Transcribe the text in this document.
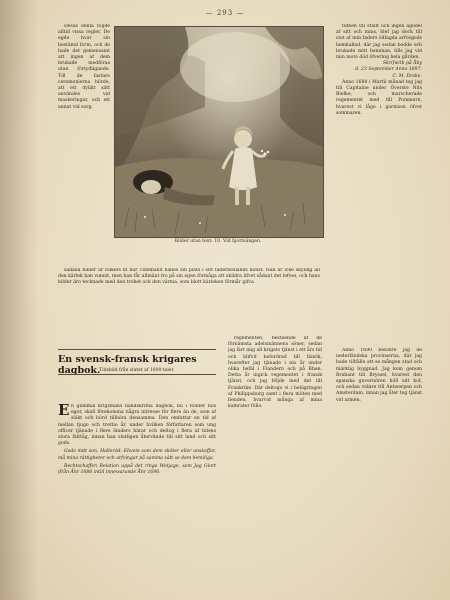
— 293 —

Dessa enkla följde alltid vissa regler. De egde hvar sin bestämd form, och de hade det gemensamt att ingen af dem brukade medföras utan förtydligande. Till de fastare ceremonierna hörde, att ett dylikt sätt användes vid maskeringar, och ett annat vid sorg.

Bilder utan text: 10. Vid hjortsängen.

sådana bilder ur folkets lif hur Tidemand hålles sin plats i sitt fäderneslands konst. Han är icke skyldig all den kärlek han vunnit, men han får allmänt tro på sin egen förmåga att skildra lifvet sådant det lefves, och hans bilder äro tecknade med den trohet och den värma, som blott kärleken förmår gifva.

tidhen uti ställt och ingen ägodel af sitt och mins, blef jag dock till slut af min faders ödlagda arfvegods hemkallad, där jag sedan bodde och brukade mitt hemman, tills jag vid min mors död öfvertog hela gården.

Skrifwith på Åby

d. 23 September Anno 1697.

C. M. Drake.

Anno 1688 i Martii månad tog jag till Capitaine under Överste Nils Bielke, och marscherade regementet med till Pommern, hvarest vi lågo i garnison öfver sommaren.

En svensk-fransk krigares dagbok.
Tidsbild från slutet af 1600-talet.

En gammal krigsmans handskrifna dagbok, nu i fonder hos egor, skall förekomma några intresse för flere än de, som af släkt och börd tillhöra densamma. Den omfattar en tid af mellan tjugo och trettio år, under hvilken författaren som ung officer tjänade i flere länders härar och deltog i flera af tidens stora fälttåg, innan han slutligen återvände till sitt land och sitt gods.

Gods mitt son, Halleröd: Ehvem som dem sköter eller anskaffar, må mina rättigheter och arfvingar på samma sätt se dem hemiliga.

Rechtschaffen Relation uppå det ringa Wetjage, som Jag Giort ifrån Åhr 1688 intill innewarande Åhr 1696.

regementen, bestående af de förnämsta adelsmännens söner, sedan jag lärt mig all krigets tjänst i ett års tid och blifvit befordrad till fänrik, hvarefter jag tjänade i nio år under olika befäl i Flandern och på Rhen. Detta år ingick regementet i fransk tjänst, och jag följde med det till Frankrike. Där deltogo vi i belägringen af Philippsburg samt i flera möten med fienden, hvarvid många af mina kamrater föllo.

Anno 1690 besökte jag de nederländska provinserna, där jag hade tillfälle att se mången stad och märklig byggnad. Jag kom genom Brabant till Bryssel, hvarest den spanska guvernören höll sitt hof, och sedan vidare till Antwerpen och Amsterdam, innan jag åter tog tjänst vid armén.
